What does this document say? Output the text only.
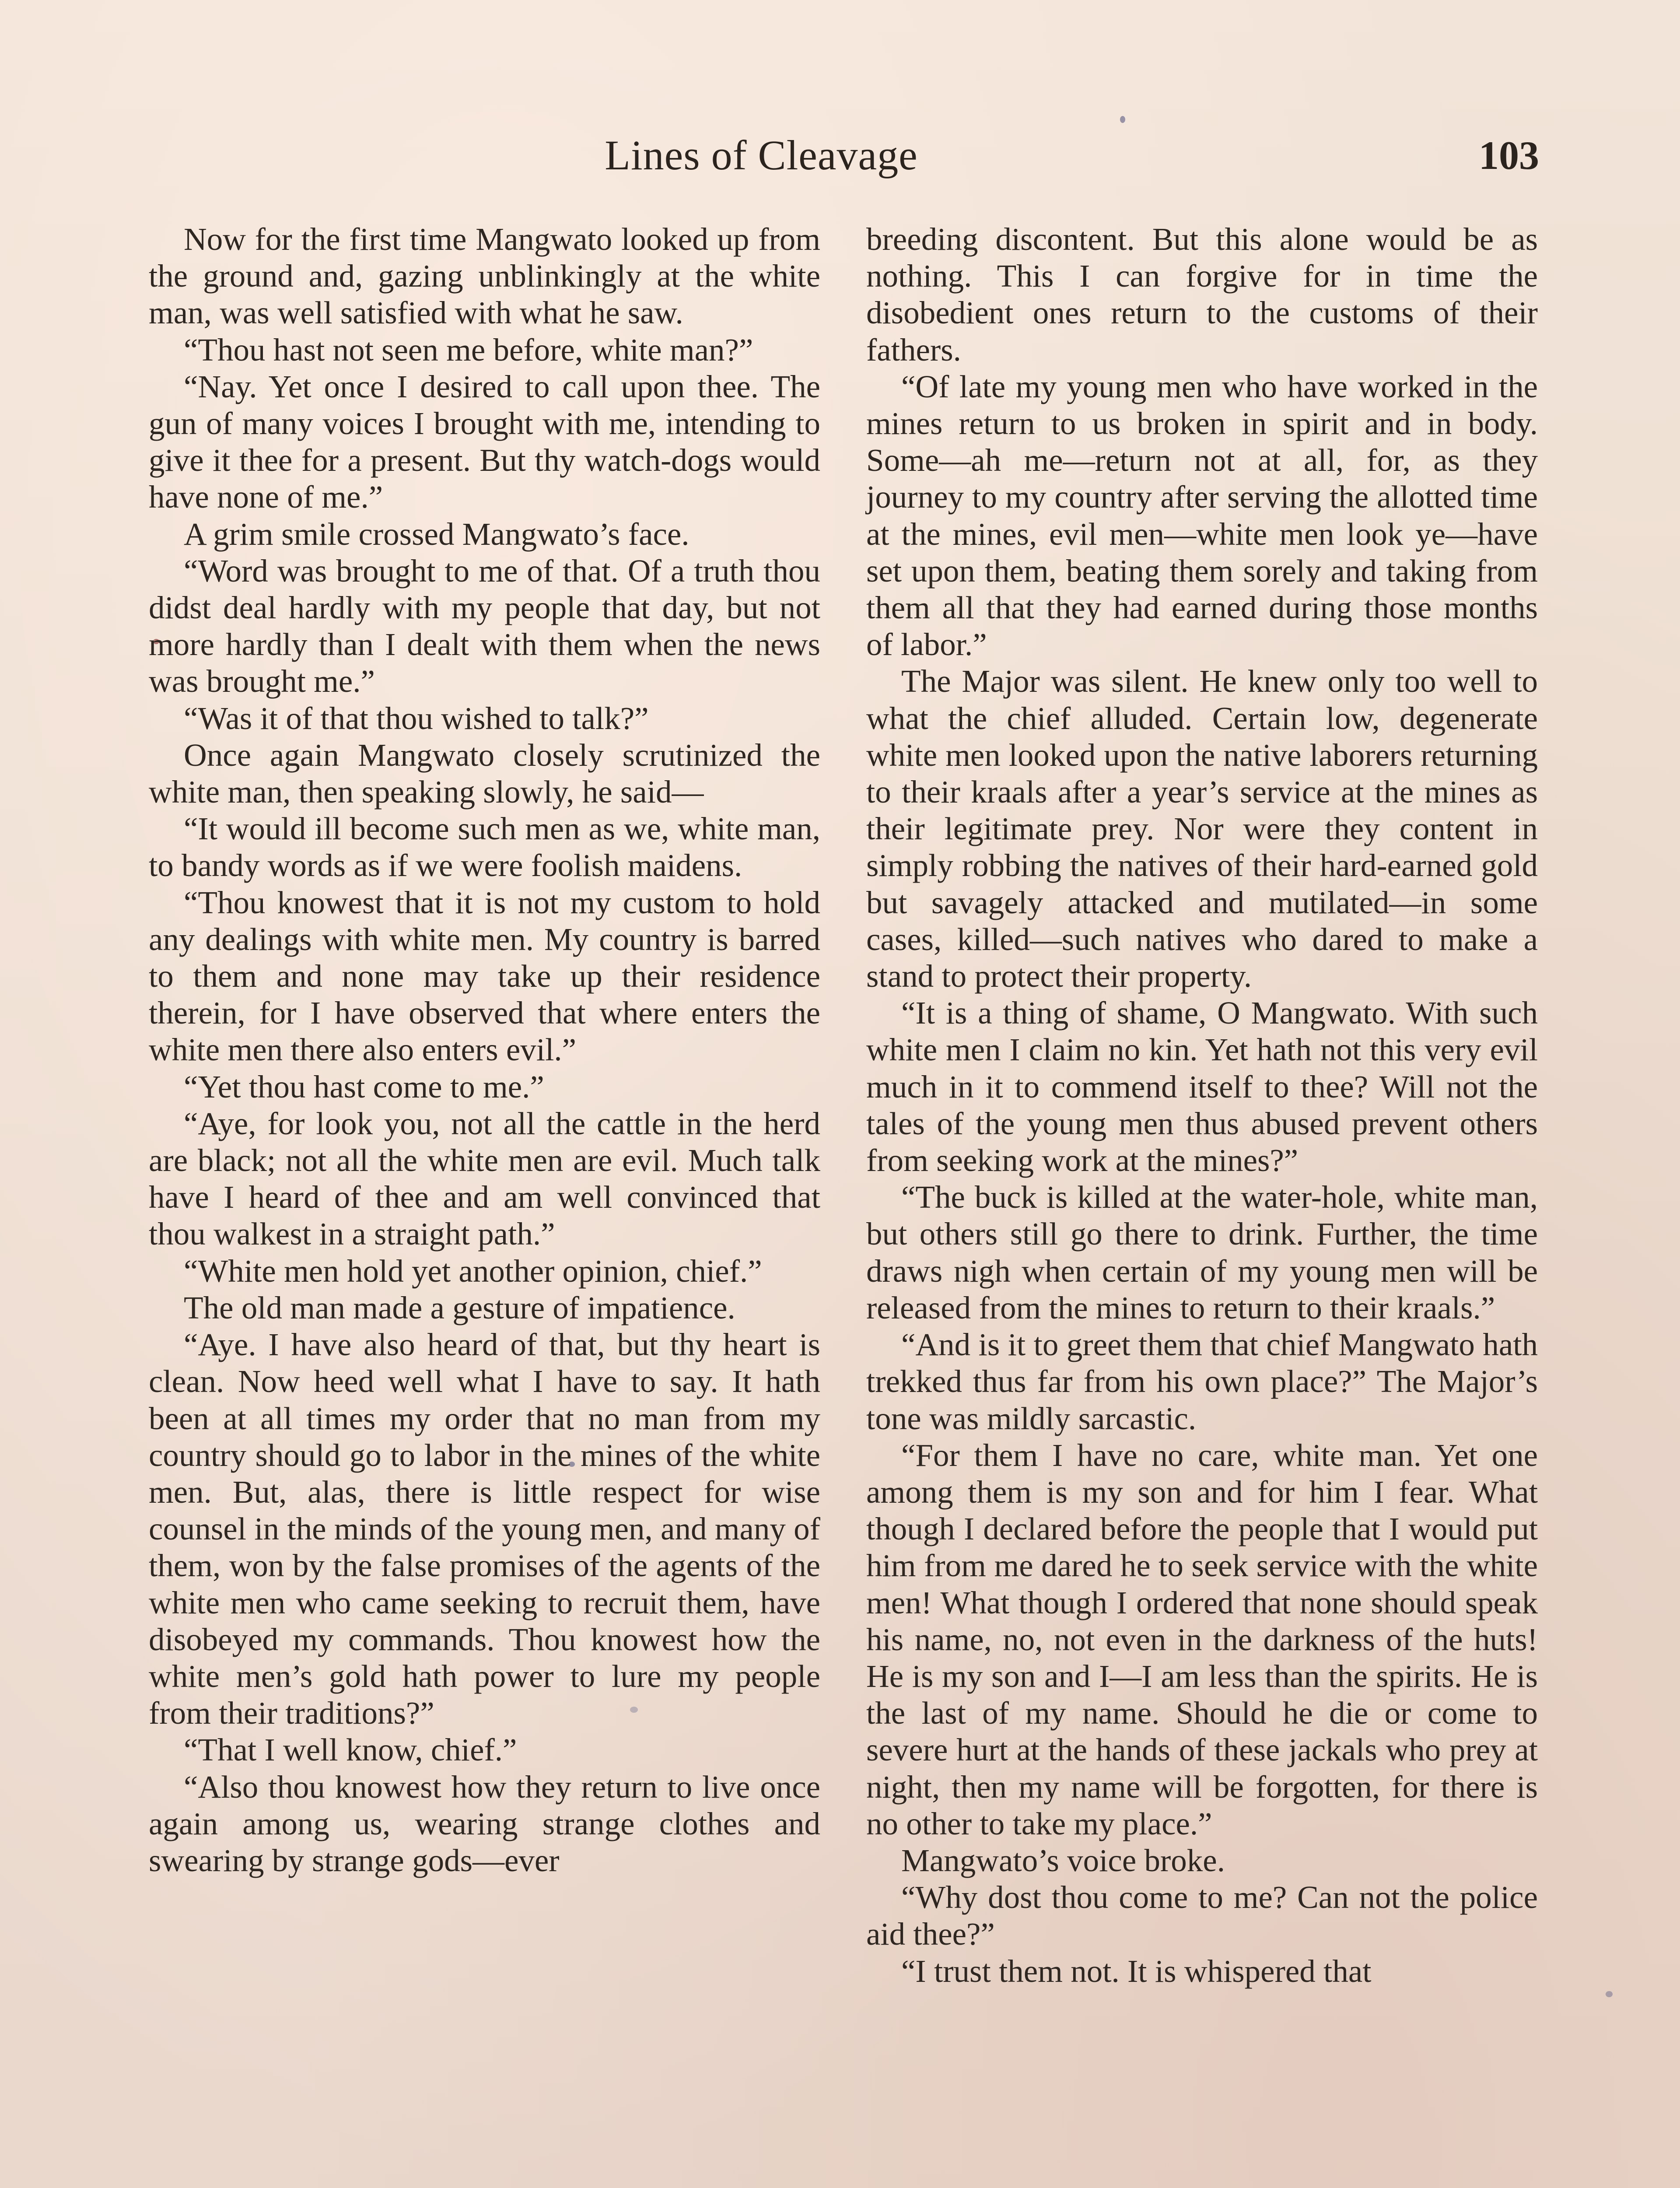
Lines of Cleavage	103

Now for the first time Mangwato looked up from the ground and, gazing unblinkingly at the white man, was well satisfied with what he saw.

“Thou hast not seen me before, white man?”

“Nay. Yet once I desired to call upon thee. The gun of many voices I brought with me, intending to give it thee for a present. But thy watch-dogs would have none of me.”

A grim smile crossed Mangwato’s face.

“Word was brought to me of that. Of a truth thou didst deal hardly with my people that day, but not more hardly than I dealt with them when the news was brought me.”

“Was it of that thou wished to talk?”

Once again Mangwato closely scrutinized the white man, then speaking slowly, he said—

“It would ill become such men as we, white man, to bandy words as if we were foolish maidens.

“Thou knowest that it is not my custom to hold any dealings with white men. My country is barred to them and none may take up their residence therein, for I have observed that where enters the white men there also enters evil.”

“Yet thou hast come to me.”

“Aye, for look you, not all the cattle in the herd are black; not all the white men are evil. Much talk have I heard of thee and am well convinced that thou walkest in a straight path.”

“White men hold yet another opinion, chief.”

The old man made a gesture of impatience.

“Aye. I have also heard of that, but thy heart is clean. Now heed well what I have to say. It hath been at all times my order that no man from my country should go to labor in the mines of the white men. But, alas, there is little respect for wise counsel in the minds of the young men, and many of them, won by the false promises of the agents of the white men who came seeking to recruit them, have disobeyed my commands. Thou knowest how the white men’s gold hath power to lure my people from their traditions?”

“That I well know, chief.”

“Also thou knowest how they return to live once again among us, wearing strange clothes and swearing by strange gods—ever

breeding discontent. But this alone would be as nothing. This I can forgive for in time the disobedient ones return to the customs of their fathers.

“Of late my young men who have worked in the mines return to us broken in spirit and in body. Some—ah me—return not at all, for, as they journey to my country after serving the allotted time at the mines, evil men—white men look ye—have set upon them, beating them sorely and taking from them all that they had earned during those months of labor.”

The Major was silent. He knew only too well to what the chief alluded. Certain low, degenerate white men looked upon the native laborers returning to their kraals after a year’s service at the mines as their legitimate prey. Nor were they content in simply robbing the natives of their hard-earned gold but savagely attacked and mutilated—in some cases, killed—such natives who dared to make a stand to protect their property.

“It is a thing of shame, O Mangwato. With such white men I claim no kin. Yet hath not this very evil much in it to commend itself to thee? Will not the tales of the young men thus abused prevent others from seeking work at the mines?”

“The buck is killed at the water-hole, white man, but others still go there to drink. Further, the time draws nigh when certain of my young men will be released from the mines to return to their kraals.”

“And is it to greet them that chief Mangwato hath trekked thus far from his own place?” The Major’s tone was mildly sarcastic.

“For them I have no care, white man. Yet one among them is my son and for him I fear. What though I declared before the people that I would put him from me dared he to seek service with the white men! What though I ordered that none should speak his name, no, not even in the darkness of the huts! He is my son and I—I am less than the spirits. He is the last of my name. Should he die or come to severe hurt at the hands of these jackals who prey at night, then my name will be forgotten, for there is no other to take my place.”

Mangwato’s voice broke.

“Why dost thou come to me? Can not the police aid thee?”

“I trust them not. It is whispered that
